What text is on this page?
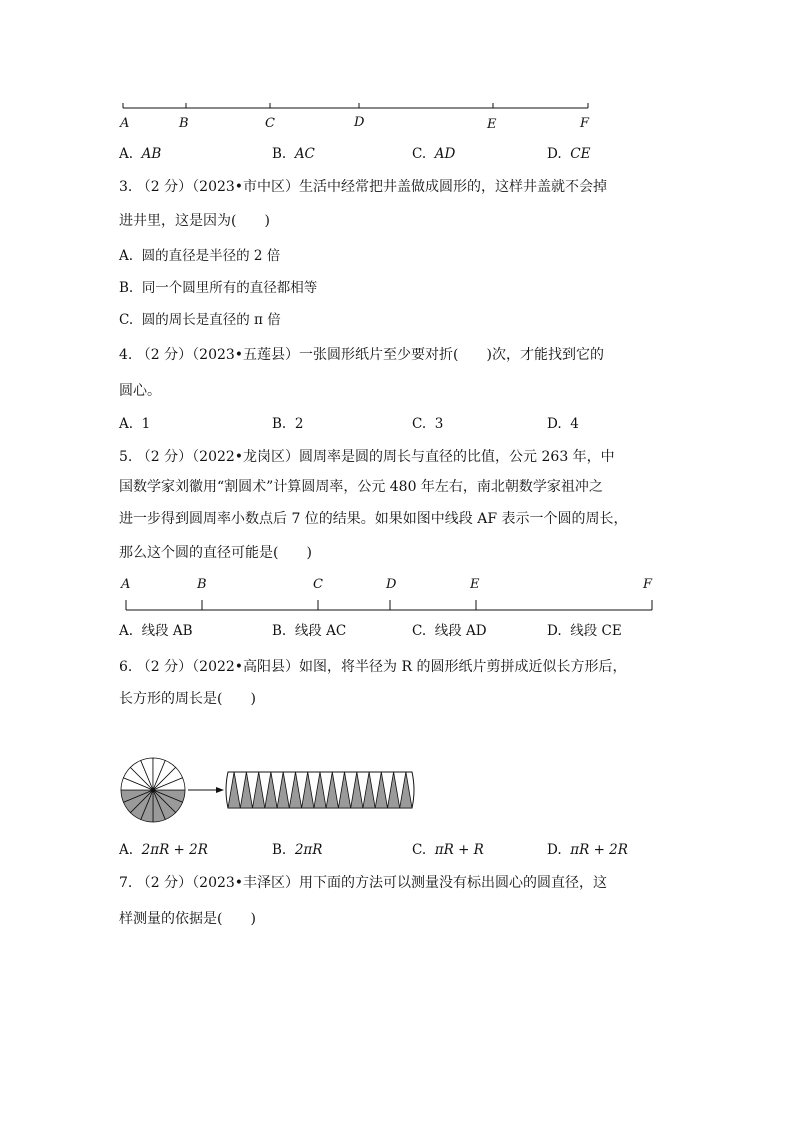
A	B	C	D	E	F
A. AB	B. AC	C. AD	D. CE
3. （2 分）（2023•市中区）生活中经常把井盖做成圆形的，这样井盖就不会掉
进井里，这是因为(　　)
A. 圆的直径是半径的 2 倍
B. 同一个圆里所有的直径都相等
C. 圆的周长是直径的 π 倍
4. （2 分）（2023•五莲县）一张圆形纸片至少要对折(　　)次，才能找到它的
圆心。
A. 1	B. 2	C. 3	D. 4
5. （2 分）（2022•龙岗区）圆周率是圆的周长与直径的比值，公元 263 年，中
国数学家刘徽用“割圆术”计算圆周率，公元 480 年左右，南北朝数学家祖冲之
进一步得到圆周率小数点后 7 位的结果。如果如图中线段 AF 表示一个圆的周长，
那么这个圆的直径可能是(　　)
A	B	C	D	E	F
A. 线段 AB	B. 线段 AC	C. 线段 AD	D. 线段 CE
6. （2 分）（2022•高阳县）如图，将半径为 R 的圆形纸片剪拼成近似长方形后，
长方形的周长是(　　)
A. 2πR + 2R	B. 2πR	C. πR + R	D. πR + 2R
7. （2 分）（2023•丰泽区）用下面的方法可以测量没有标出圆心的圆直径，这
样测量的依据是(　　)
